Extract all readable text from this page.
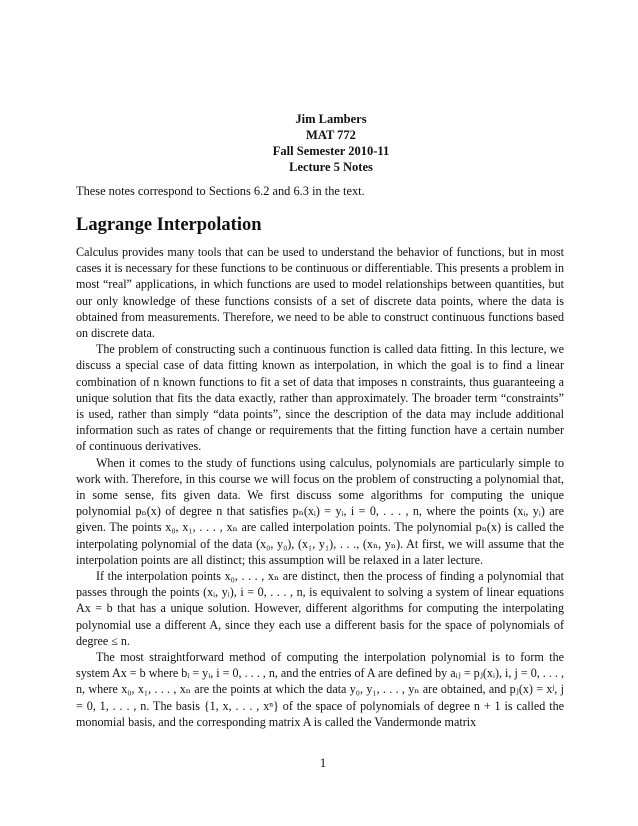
Jim Lambers
MAT 772
Fall Semester 2010-11
Lecture 5 Notes
These notes correspond to Sections 6.2 and 6.3 in the text.
Lagrange Interpolation

Calculus provides many tools that can be used to understand the behavior of functions, but in most cases it is necessary for these functions to be continuous or differentiable. This presents a problem in most “real” applications, in which functions are used to model relationships between quantities, but our only knowledge of these functions consists of a set of discrete data points, where the data is obtained from measurements. Therefore, we need to be able to construct continuous functions based on discrete data.

The problem of constructing such a continuous function is called data fitting. In this lecture, we discuss a special case of data fitting known as interpolation, in which the goal is to find a linear combination of n known functions to fit a set of data that imposes n constraints, thus guaranteeing a unique solution that fits the data exactly, rather than approximately. The broader term “constraints” is used, rather than simply “data points”, since the description of the data may include additional information such as rates of change or requirements that the fitting function have a certain number of continuous derivatives.

When it comes to the study of functions using calculus, polynomials are particularly simple to work with. Therefore, in this course we will focus on the problem of constructing a polynomial that, in some sense, fits given data. We first discuss some algorithms for computing the unique polynomial pₙ(x) of degree n that satisfies pₙ(xᵢ) = yᵢ, i = 0, . . . , n, where the points (xᵢ, yᵢ) are given. The points x₀, x₁, . . . , xₙ are called interpolation points. The polynomial pₙ(x) is called the interpolating polynomial of the data (x₀, y₀), (x₁, y₁), . . ., (xₙ, yₙ). At first, we will assume that the interpolation points are all distinct; this assumption will be relaxed in a later lecture.

If the interpolation points x₀, . . . , xₙ are distinct, then the process of finding a polynomial that passes through the points (xᵢ, yᵢ), i = 0, . . . , n, is equivalent to solving a system of linear equations Ax = b that has a unique solution. However, different algorithms for computing the interpolating polynomial use a different A, since they each use a different basis for the space of polynomials of degree ≤ n.

The most straightforward method of computing the interpolation polynomial is to form the system Ax = b where bᵢ = yᵢ, i = 0, . . . , n, and the entries of A are defined by aᵢⱼ = pⱼ(xᵢ), i, j = 0, . . . , n, where x₀, x₁, . . . , xₙ are the points at which the data y₀, y₁, . . . , yₙ are obtained, and pⱼ(x) = xʲ, j = 0, 1, . . . , n. The basis {1, x, . . . , xⁿ} of the space of polynomials of degree n + 1 is called the monomial basis, and the corresponding matrix A is called the Vandermonde matrix

1
